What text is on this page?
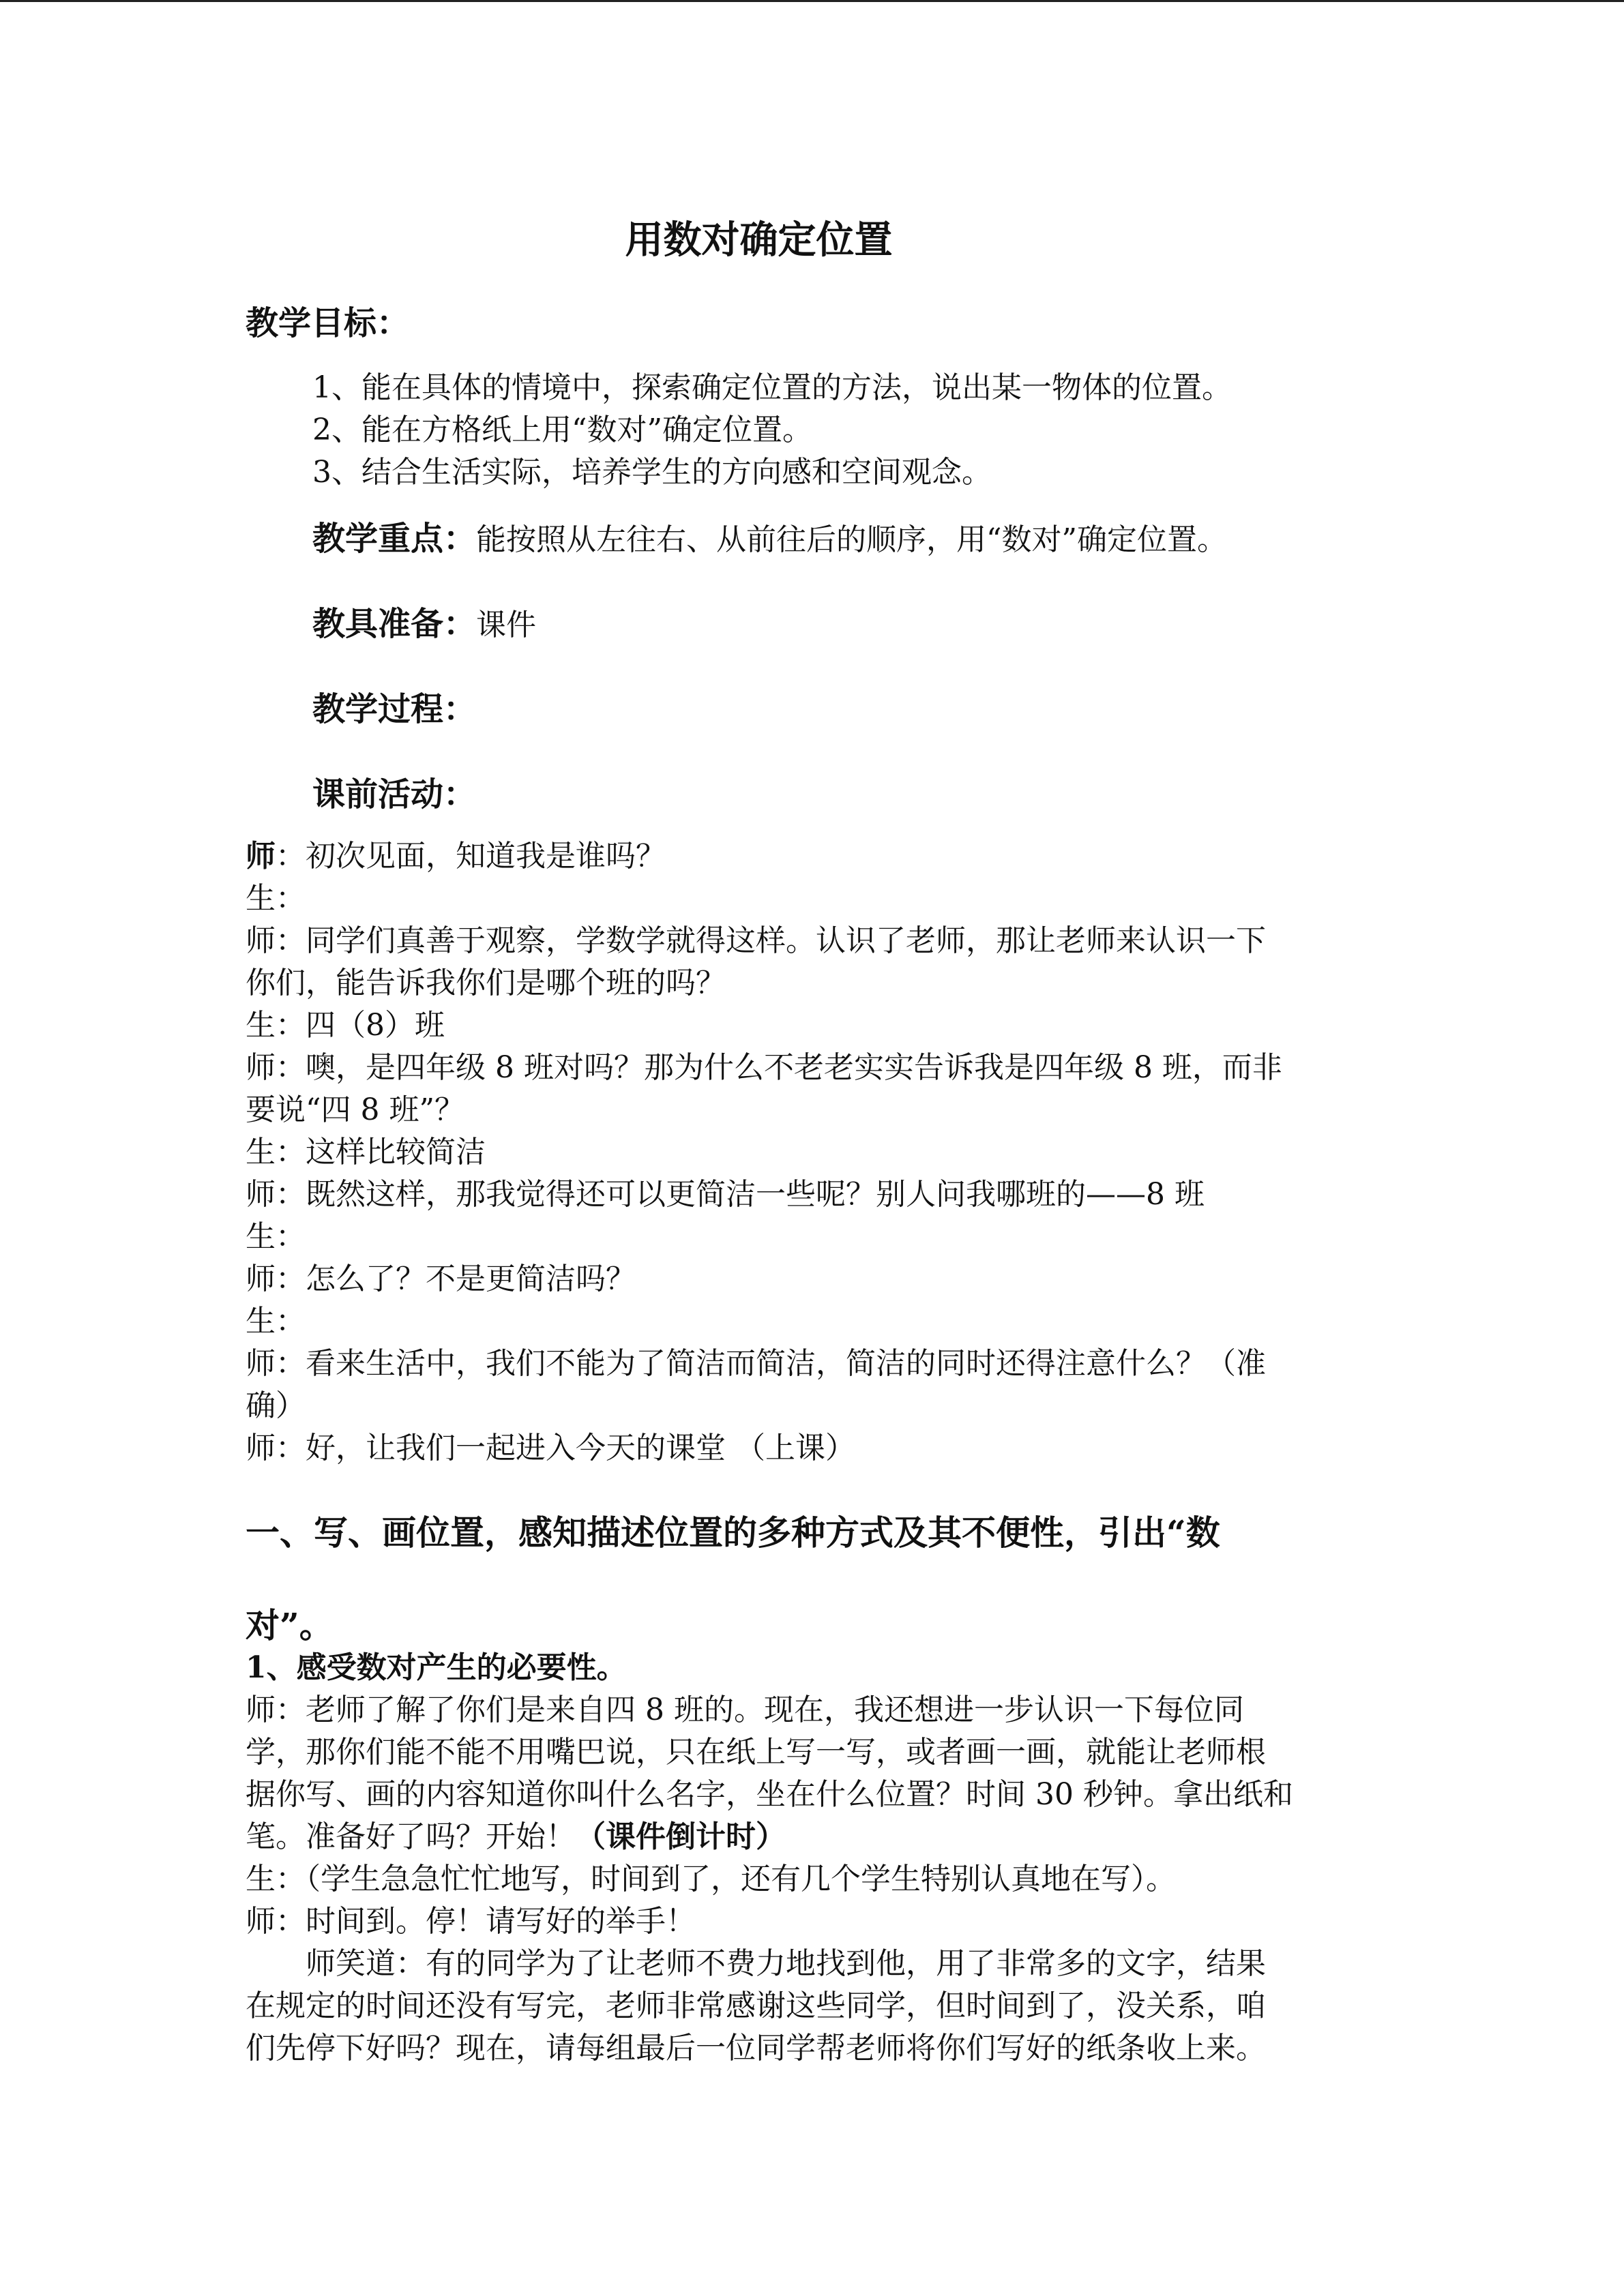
用数对确定位置
教学目标：
1、能在具体的情境中，探索确定位置的方法，说出某一物体的位置。
2、能在方格纸上用“数对”确定位置。
3、结合生活实际，培养学生的方向感和空间观念。
教学重点：能按照从左往右、从前往后的顺序，用“数对”确定位置。
教具准备：课件
教学过程：
课前活动：
师：初次见面，知道我是谁吗？
生：
师：同学们真善于观察，学数学就得这样。认识了老师，那让老师来认识一下
你们，能告诉我你们是哪个班的吗？
生：四（8）班
师：噢，是四年级 8 班对吗？那为什么不老老实实告诉我是四年级 8 班，而非
要说“四 8 班”？
生：这样比较简洁
师：既然这样，那我觉得还可以更简洁一些呢？别人问我哪班的——8 班
生：
师：怎么了？不是更简洁吗？
生：
师：看来生活中，我们不能为了简洁而简洁，简洁的同时还得注意什么？（准
确）
师：好，让我们一起进入今天的课堂 （上课）
一、写、画位置，感知描述位置的多种方式及其不便性，引出“数
对”。
1、感受数对产生的必要性。
师：老师了解了你们是来自四 8 班的。现在，我还想进一步认识一下每位同
学，那你们能不能不用嘴巴说，只在纸上写一写，或者画一画，就能让老师根
据你写、画的内容知道你叫什么名字，坐在什么位置？时间 30 秒钟。拿出纸和
笔。准备好了吗？开始！（课件倒计时）
生：（学生急急忙忙地写，时间到了，还有几个学生特别认真地在写）。
师：时间到。停！请写好的举手！
师笑道：有的同学为了让老师不费力地找到他，用了非常多的文字，结果
在规定的时间还没有写完，老师非常感谢这些同学，但时间到了，没关系，咱
们先停下好吗？现在，请每组最后一位同学帮老师将你们写好的纸条收上来。
